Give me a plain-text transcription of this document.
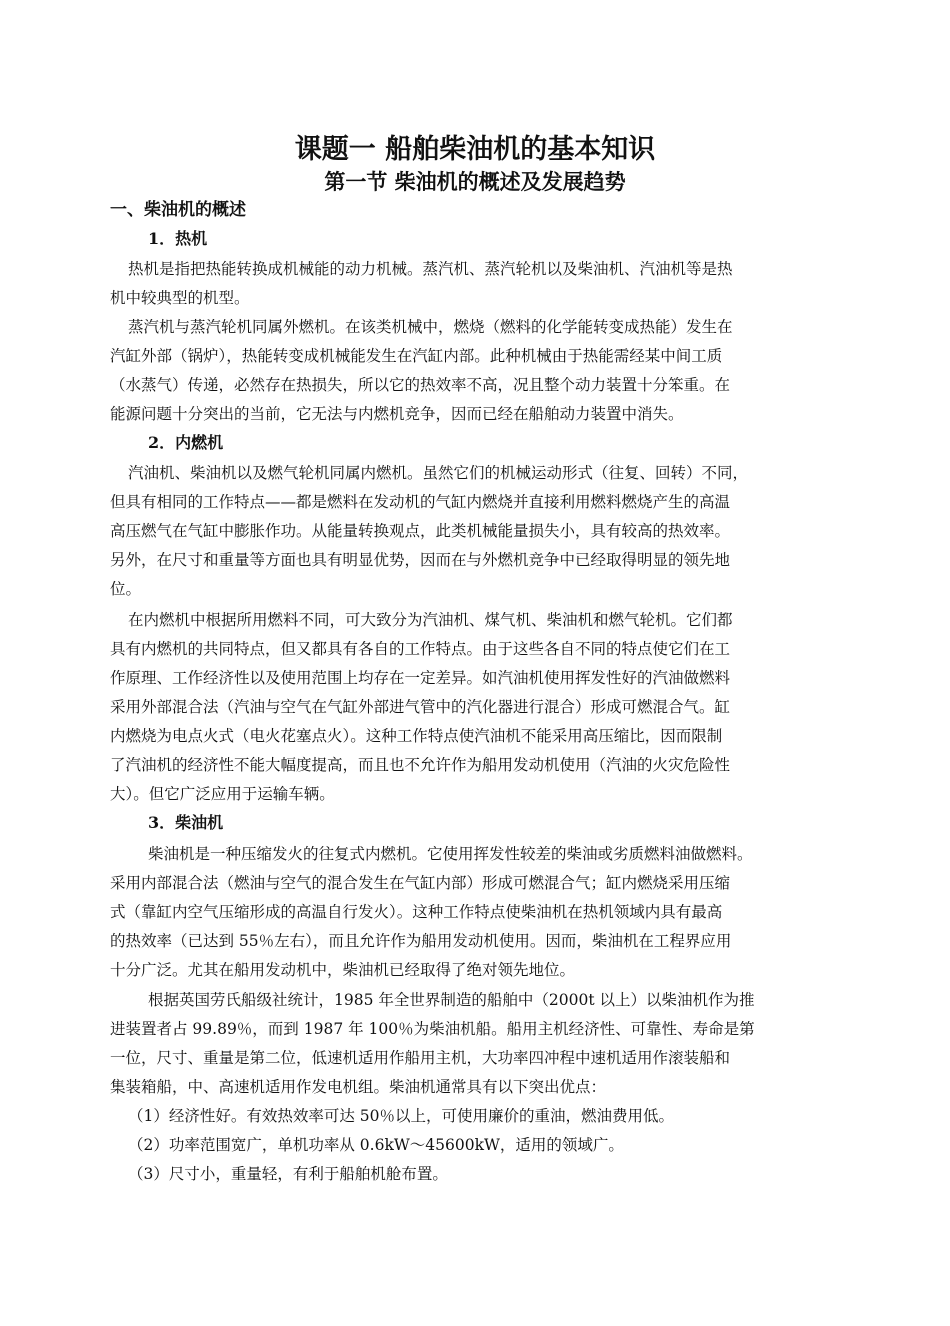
课题一 船舶柴油机的基本知识
第一节 柴油机的概述及发展趋势
一、柴油机的概述
1．热机
热机是指把热能转换成机械能的动力机械。蒸汽机、蒸汽轮机以及柴油机、汽油机等是热
机中较典型的机型。
蒸汽机与蒸汽轮机同属外燃机。在该类机械中，燃烧（燃料的化学能转变成热能）发生在
汽缸外部（锅炉），热能转变成机械能发生在汽缸内部。此种机械由于热能需经某中间工质
（水蒸气）传递，必然存在热损失，所以它的热效率不高，况且整个动力装置十分笨重。在
能源问题十分突出的当前，它无法与内燃机竞争，因而已经在船舶动力装置中消失。
2．内燃机
汽油机、柴油机以及燃气轮机同属内燃机。虽然它们的机械运动形式（往复、回转）不同，
但具有相同的工作特点——都是燃料在发动机的气缸内燃烧并直接利用燃料燃烧产生的高温
高压燃气在气缸中膨胀作功。从能量转换观点，此类机械能量损失小，具有较高的热效率。
另外，在尺寸和重量等方面也具有明显优势，因而在与外燃机竞争中已经取得明显的领先地
位。
在内燃机中根据所用燃料不同，可大致分为汽油机、煤气机、柴油机和燃气轮机。它们都
具有内燃机的共同特点，但又都具有各自的工作特点。由于这些各自不同的特点使它们在工
作原理、工作经济性以及使用范围上均存在一定差异。如汽油机使用挥发性好的汽油做燃料
采用外部混合法（汽油与空气在气缸外部进气管中的汽化器进行混合）形成可燃混合气。缸
内燃烧为电点火式（电火花塞点火）。这种工作特点使汽油机不能采用高压缩比，因而限制
了汽油机的经济性不能大幅度提高，而且也不允许作为船用发动机使用（汽油的火灾危险性
大）。但它广泛应用于运输车辆。
3．柴油机
柴油机是一种压缩发火的往复式内燃机。它使用挥发性较差的柴油或劣质燃料油做燃料。
采用内部混合法（燃油与空气的混合发生在气缸内部）形成可燃混合气；缸内燃烧采用压缩
式（靠缸内空气压缩形成的高温自行发火）。这种工作特点使柴油机在热机领域内具有最高
的热效率（已达到 55％左右），而且允许作为船用发动机使用。因而，柴油机在工程界应用
十分广泛。尤其在船用发动机中，柴油机已经取得了绝对领先地位。
根据英国劳氏船级社统计，1985 年全世界制造的船舶中（2000t 以上）以柴油机作为推
进装置者占 99.89％，而到 1987 年 100％为柴油机船。船用主机经济性、可靠性、寿命是第
一位，尺寸、重量是第二位，低速机适用作船用主机，大功率四冲程中速机适用作滚装船和
集装箱船，中、高速机适用作发电机组。柴油机通常具有以下突出优点：
（1）经济性好。有效热效率可达 50％以上，可使用廉价的重油，燃油费用低。
（2）功率范围宽广，单机功率从 0.6kW～45600kW，适用的领域广。
（3）尺寸小，重量轻，有利于船舶机舱布置。
